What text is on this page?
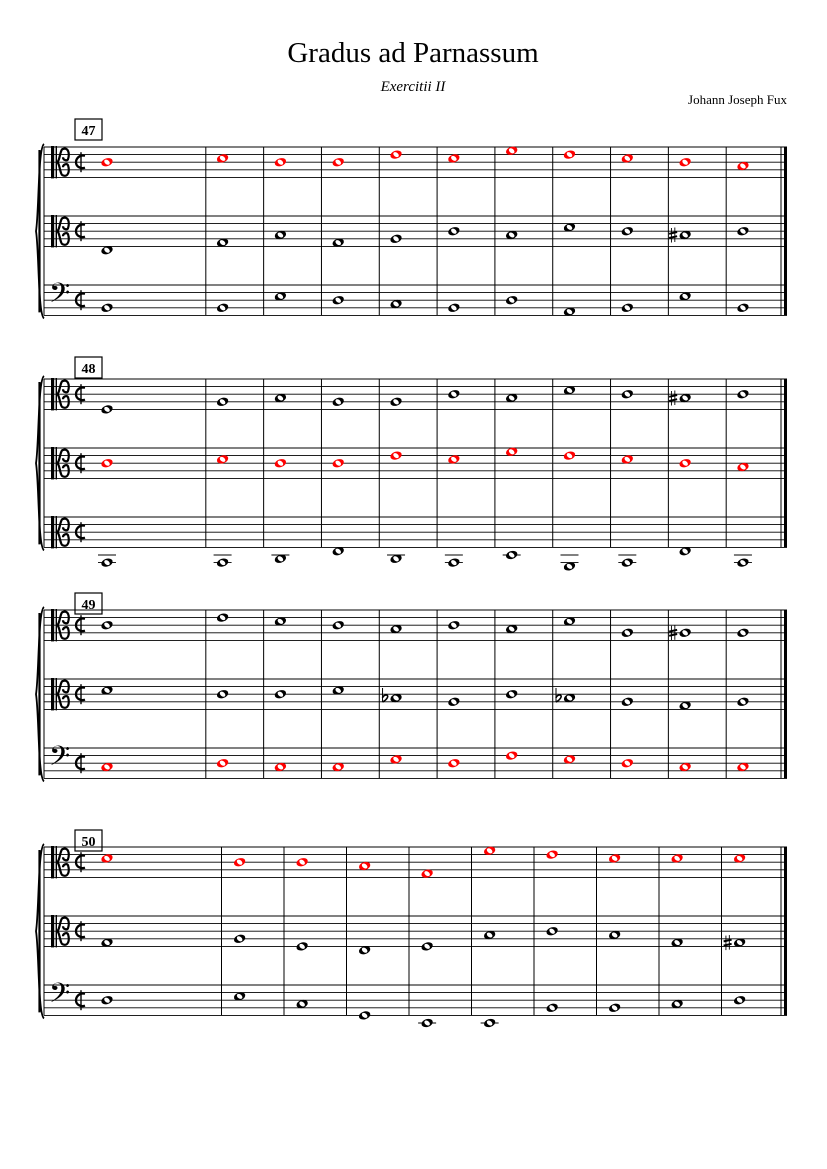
Gradus ad Parnassum
Exercitii II
Johann Joseph Fux
47
𝄢
48
49
𝄢
50
𝄢
